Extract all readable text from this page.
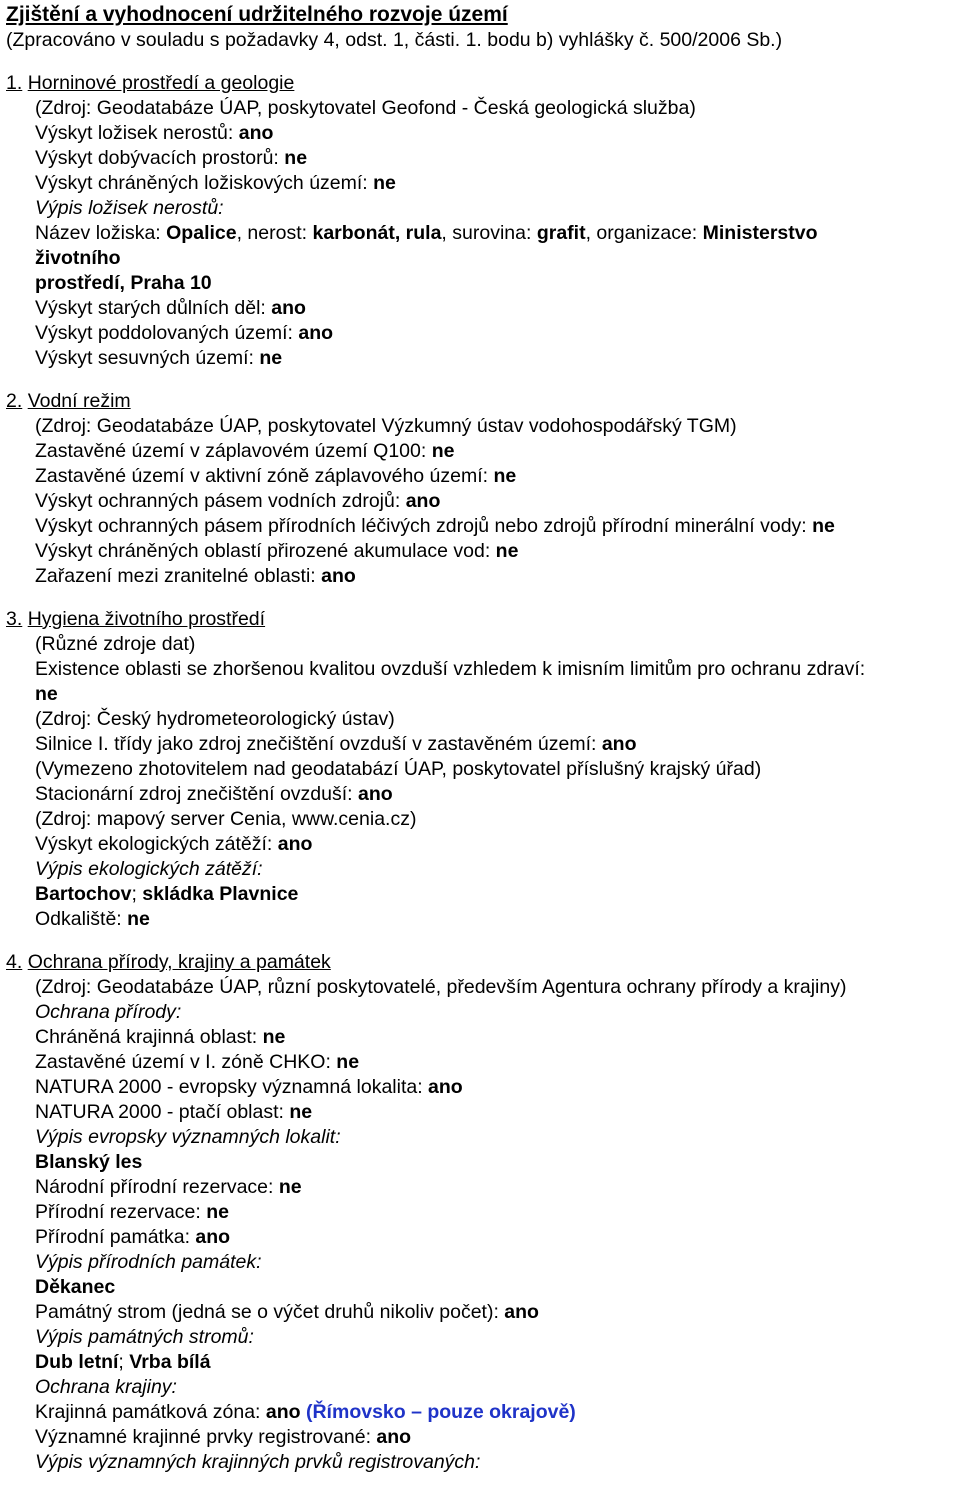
Zjištění a vyhodnocení udržitelného rozvoje území
(Zpracováno v souladu s požadavky 4, odst. 1, části. 1. bodu b) vyhlášky č. 500/2006 Sb.)
1. Horninové prostředí a geologie
(Zdroj: Geodatabáze ÚAP, poskytovatel Geofond - Česká geologická služba)
Výskyt ložisek nerostů: ano
Výskyt dobývacích prostorů: ne
Výskyt chráněných ložiskových území: ne
Výpis ložisek nerostů:
Název ložiska: Opalice, nerost: karbonát, rula, surovina: grafit, organizace: Ministerstvo
životního
prostředí, Praha 10
Výskyt starých důlních děl: ano
Výskyt poddolovaných území: ano
Výskyt sesuvných území: ne
2. Vodní režim
(Zdroj: Geodatabáze ÚAP, poskytovatel Výzkumný ústav vodohospodářský TGM)
Zastavěné území v záplavovém území Q100: ne
Zastavěné území v aktivní zóně záplavového území: ne
Výskyt ochranných pásem vodních zdrojů: ano
Výskyt ochranných pásem přírodních léčivých zdrojů nebo zdrojů přírodní minerální vody: ne
Výskyt chráněných oblastí přirozené akumulace vod: ne
Zařazení mezi zranitelné oblasti: ano
3. Hygiena životního prostředí
(Různé zdroje dat)
Existence oblasti se zhoršenou kvalitou ovzduší vzhledem k imisním limitům pro ochranu zdraví:
ne
(Zdroj: Český hydrometeorologický ústav)
Silnice I. třídy jako zdroj znečištění ovzduší v zastavěném území: ano
(Vymezeno zhotovitelem nad geodatabází ÚAP, poskytovatel příslušný krajský úřad)
Stacionární zdroj znečištění ovzduší: ano
(Zdroj: mapový server Cenia, www.cenia.cz)
Výskyt ekologických zátěží: ano
Výpis ekologických zátěží:
Bartochov; skládka Plavnice
Odkaliště: ne
4. Ochrana přírody, krajiny a památek
(Zdroj: Geodatabáze ÚAP, různí poskytovatelé, především Agentura ochrany přírody a krajiny)
Ochrana přírody:
Chráněná krajinná oblast: ne
Zastavěné území v I. zóně CHKO: ne
NATURA 2000 - evropsky významná lokalita: ano
NATURA 2000 - ptačí oblast: ne
Výpis evropsky významných lokalit:
Blanský les
Národní přírodní rezervace: ne
Přírodní rezervace: ne
Přírodní památka: ano
Výpis přírodních památek:
Děkanec
Památný strom (jedná se o výčet druhů nikoliv počet): ano
Výpis památných stromů:
Dub letní; Vrba bílá
Ochrana krajiny:
Krajinná památková zóna: ano (Římovsko – pouze okrajově)
Významné krajinné prvky registrované: ano
Výpis významných krajinných prvků registrovaných:
